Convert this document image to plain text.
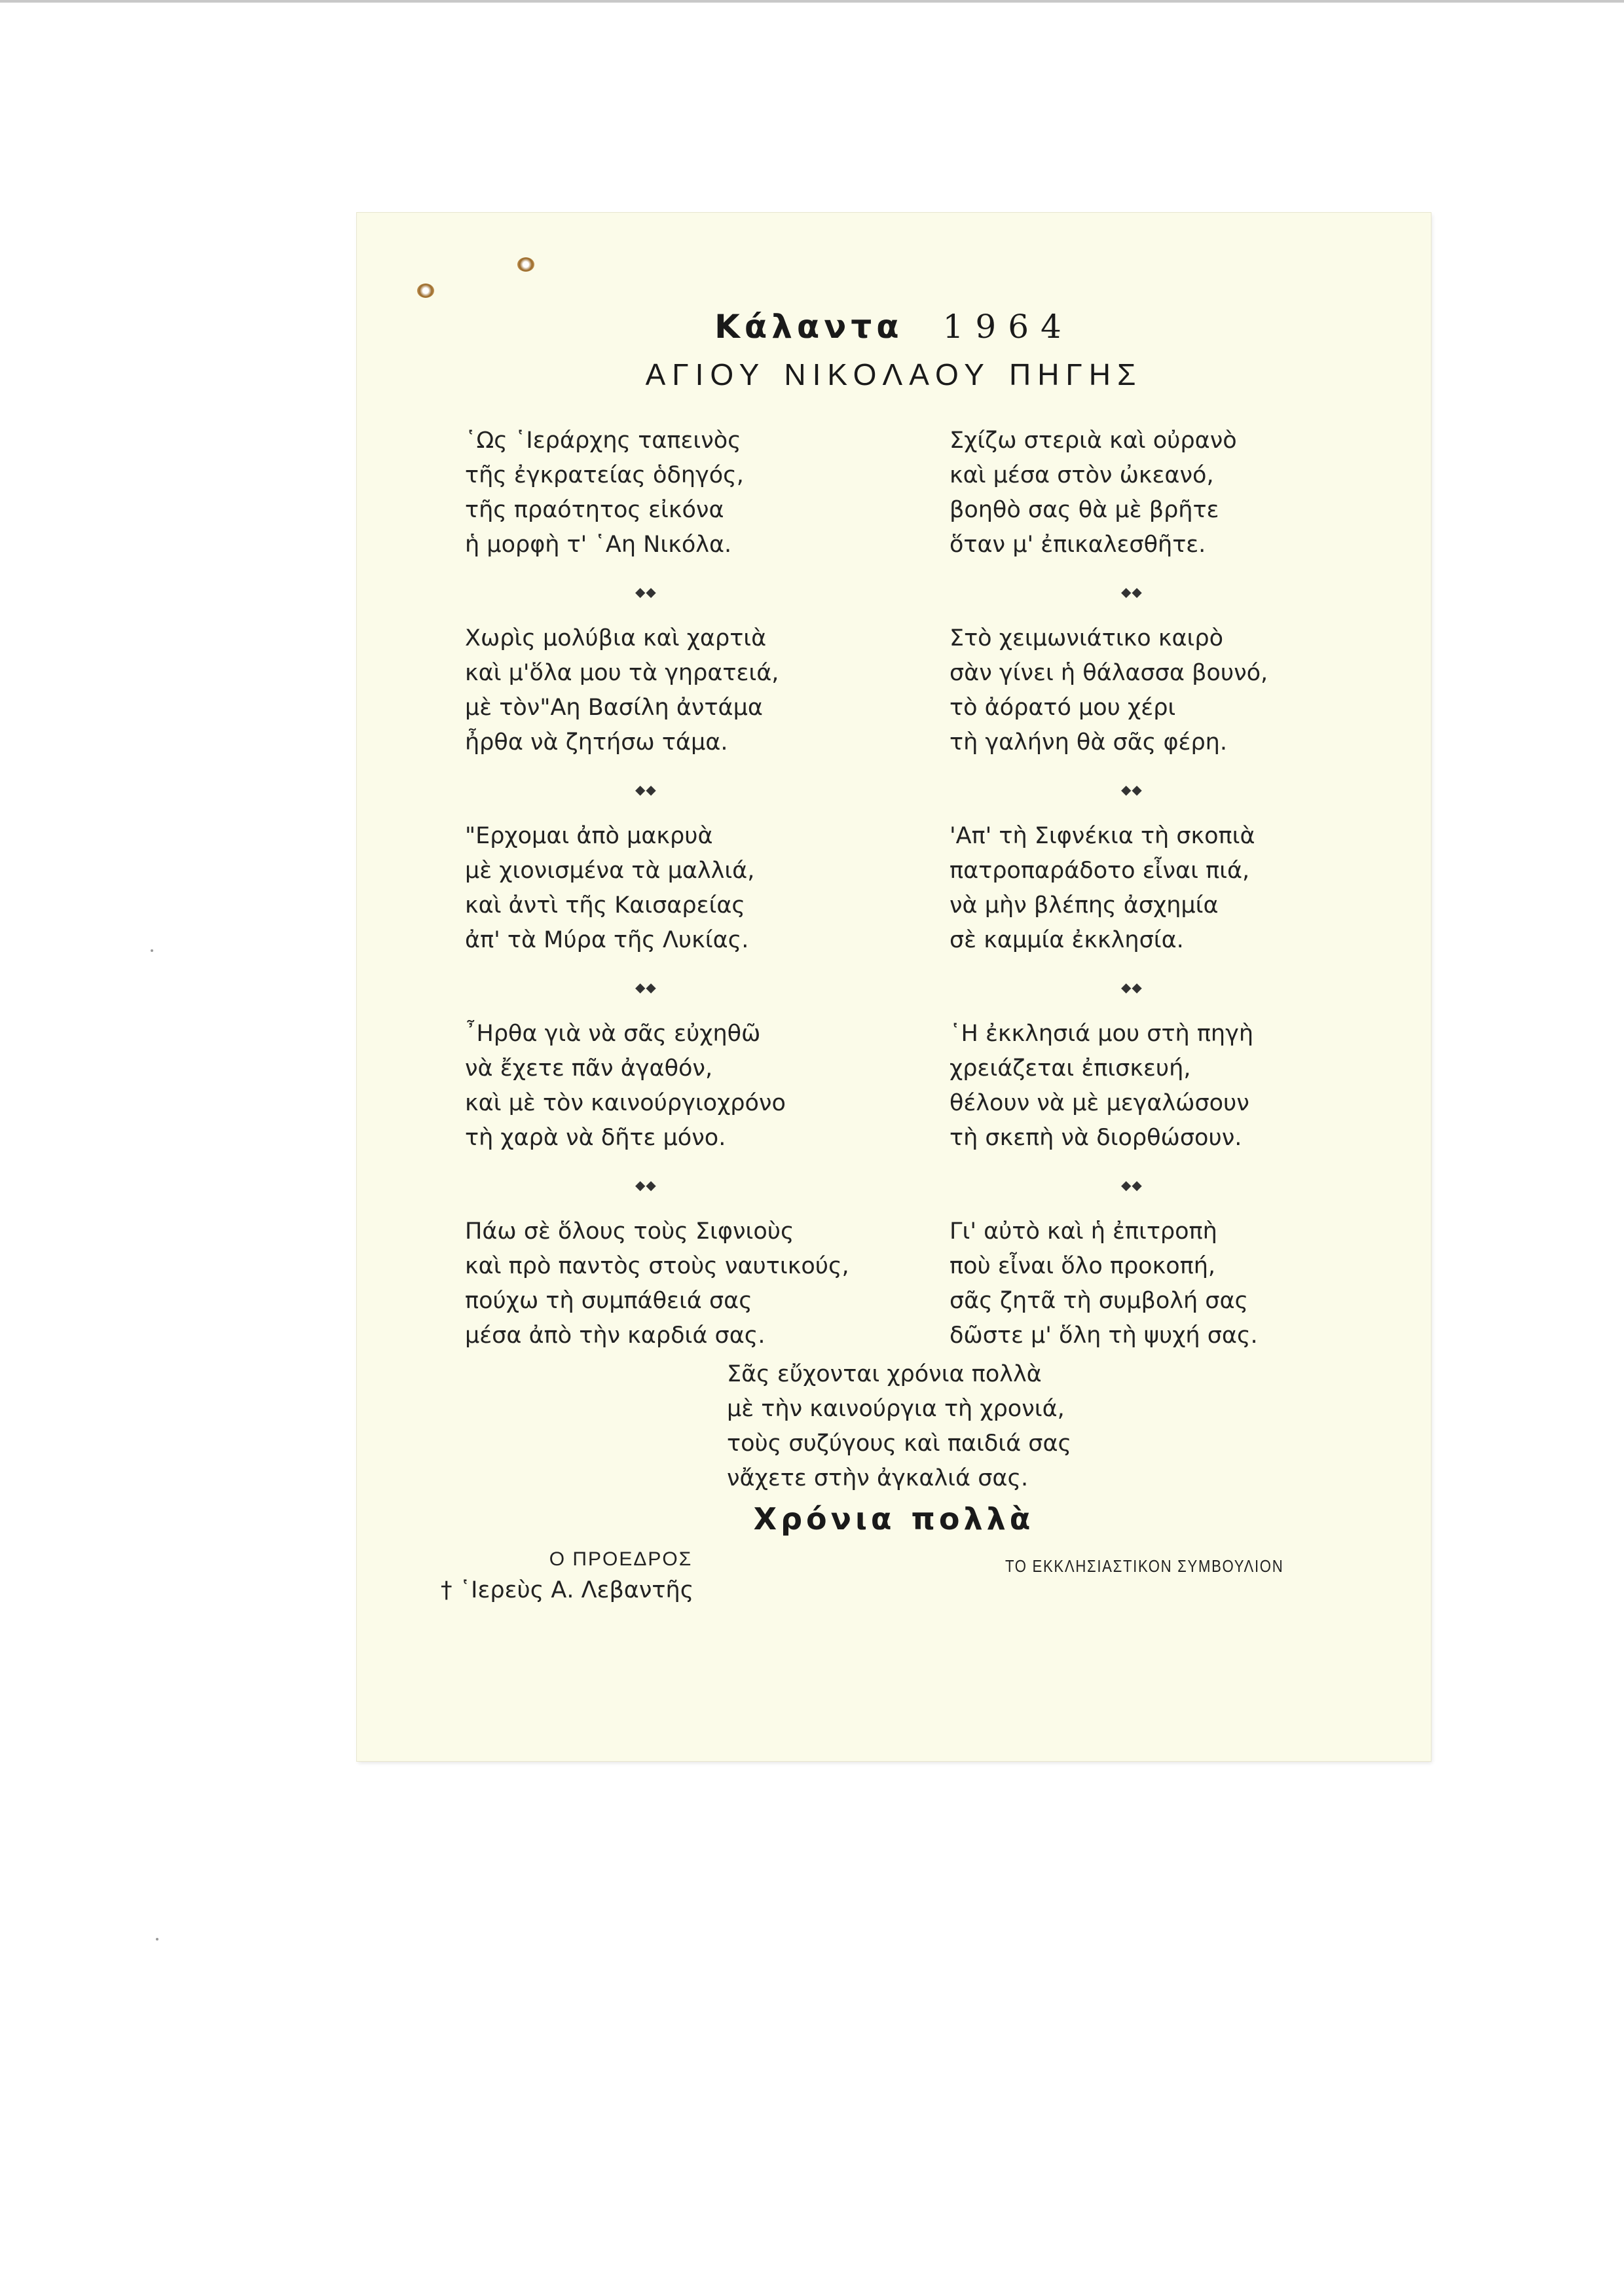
Κάλαντα 1964
ΑΓΙΟΥ ΝΙΚΟΛΑΟΥ ΠΗΓΗΣ
῾Ως ῾Ιεράρχης ταπεινὸς
τῆς ἐγκρατείας ὁδηγός,
τῆς πραότητος εἰκόνα
ἡ μορφὴ τ' ῾Αη Νικόλα.
◆◆
Χωρὶς μολύβια καὶ χαρτιὰ
καὶ μ'ὅλα μου τὰ γηρατειά,
μὲ τὸν"Αη Βασίλη ἀντάμα
ἦρθα νὰ ζητήσω τάμα.
◆◆
"Ερχομαι ἀπὸ μακρυὰ
μὲ χιονισμένα τὰ μαλλιά,
καὶ ἀντὶ τῆς Καισαρείας
ἀπ' τὰ Μύρα τῆς Λυκίας.
◆◆
῏Ηρθα γιὰ νὰ σᾶς εὐχηθῶ
νὰ ἔχετε πᾶν ἀγαθόν,
καὶ μὲ τὸν καινούργιοχρόνο
τὴ χαρὰ νὰ δῆτε μόνο.
◆◆
Πάω σὲ ὅλους τοὺς Σιφνιοὺς
καὶ πρὸ παντὸς στοὺς ναυτικούς,
πούχω τὴ συμπάθειά σας
μέσα ἀπὸ τὴν καρδιά σας.
Σχίζω στεριὰ καὶ οὐρανὸ
καὶ μέσα στὸν ὠκεανό,
βοηθὸ σας θὰ μὲ βρῆτε
ὅταν μ' ἐπικαλεσθῆτε.
◆◆
Στὸ χειμωνιάτικο καιρὸ
σὰν γίνει ἡ θάλασσα βουνό,
τὸ ἀόρατό μου χέρι
τὴ γαλήνη θὰ σᾶς φέρη.
◆◆
'Απ' τὴ Σιφνέκια τὴ σκοπιὰ
πατροπαράδοτο εἶναι πιά,
νὰ μὴν βλέπης ἀσχημία
σὲ καμμία ἐκκλησία.
◆◆
῾Η ἐκκλησιά μου στὴ πηγὴ
χρειάζεται ἐπισκευή,
θέλουν νὰ μὲ μεγαλώσουν
τὴ σκεπὴ νὰ διορθώσουν.
◆◆
Γι' αὐτὸ καὶ ἡ ἐπιτροπὴ
ποὺ εἶναι ὅλο προκοπή,
σᾶς ζητᾶ τὴ συμβολή σας
δῶστε μ' ὅλη τὴ ψυχή σας.
Σᾶς εὔχονται χρόνια πολλὰ
μὲ τὴν καινούργια τὴ χρονιά,
τοὺς συζύγους καὶ παιδιά σας
νἄχετε στὴν ἀγκαλιά σας.
Χρόνια πολλὰ
Ο ΠΡΟΕΔΡΟΣ
† ῾Ιερεὺς Α. Λεβαντῆς
ΤΟ ΕΚΚΛΗΣΙΑΣΤΙΚΟΝ ΣΥΜΒΟΥΛΙΟΝ
